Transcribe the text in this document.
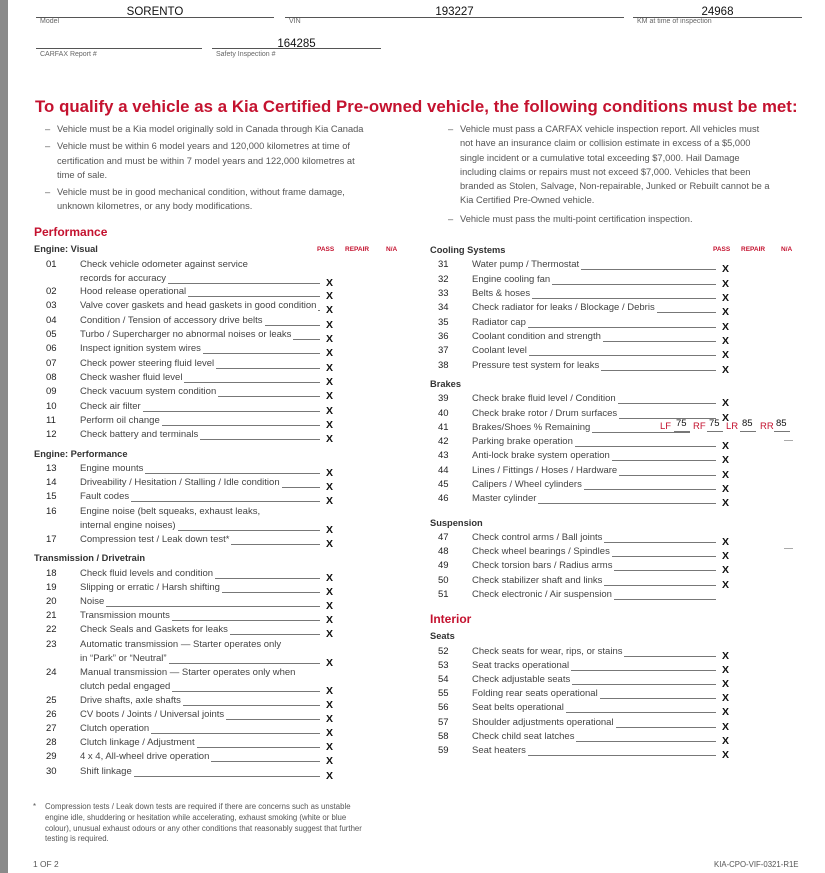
SORENTO
Model
193227
VIN
24968
KM at time of inspection
CARFAX Report #
164285
Safety Inspection #
To qualify a vehicle as a Kia Certified Pre-owned vehicle, the following conditions must be met:
– Vehicle must be a Kia model originally sold in Canada through Kia Canada
– Vehicle must be within 6 model years and 120,000 kilometres at time of
certification and must be within 7 model years and 122,000 kilometres at
time of sale.
– Vehicle must be in good mechanical condition, without frame damage,
unknown kilometres, or any body modifications.
– Vehicle must pass a CARFAX vehicle inspection report. All vehicles must
not have an insurance claim or collision estimate in excess of a $5,000
single incident or a cumulative total exceeding $7,000. Hail Damage
including claims or repairs must not exceed $7,000. Vehicles that been
branded as Stolen, Salvage, Non-repairable, Junked or Rebuilt cannot be a
Kia Certified Pre-Owned vehicle.
– Vehicle must pass the multi-point certification inspection.
Performance
Interior
Engine: Visual
Engine: Performance
Transmission / Drivetrain
Cooling Systems
Brakes
Suspension
Seats
PASS REPAIR	N/A	PASS REPAIR N/A
01	Check vehicle odometer against service
records for accuracy	X
02	Hood release operational	X
03	Valve cover gaskets and head gaskets in good condition X
04	Condition / Tension of accessory drive belts	X
05	Turbo / Supercharger no abnormal noises or leaks	X
06	Inspect ignition system wires	X
07	Check power steering fluid level	X
08	Check washer fluid level	X
09	Check vacuum system condition	X
10	Check air filter	X
11	Perform oil change	X
12	Check battery and terminals	X
13	Engine mounts	X
14	Driveability / Hesitation / Stalling / Idle condition	X
15	Fault codes	X
16	Engine noise (belt squeaks, exhaust leaks,
internal engine noises)	X
17	Compression test / Leak down test*	X
18	Check fluid levels and condition	X
19	Slipping or erratic / Harsh shifting	X
20	Noise	X
21	Transmission mounts	X
22	Check Seals and Gaskets for leaks	X
23	Automatic transmission — Starter operates only
in “Park” or “Neutral”	X
24	Manual transmission — Starter operates only when
clutch pedal engaged	X
25	Drive shafts, axle shafts	X
26	CV boots / Joints / Universal joints	X
27	Clutch operation	X
28	Clutch linkage / Adjustment	X
29	4 x 4, All-wheel drive operation	X
30	Shift linkage	X
31	Water pump / Thermostat	X
32	Engine cooling fan	X
33	Belts & hoses	X
34	Check radiator for leaks / Blockage / Debris	X
35	Radiator cap	X
36	Coolant condition and strength	X
37	Coolant level	X
38	Pressure test system for leaks	X
39	Check brake fluid level / Condition	X
40	Check brake rotor / Drum surfaces	X
41	Brakes/Shoes % Remaining
42	Parking brake operation	X
43	Anti-lock brake system operation	X
44	Lines / Fittings / Hoses / Hardware	X
45	Calipers / Wheel cylinders	X
46	Master cylinder	X
47	Check control arms / Ball joints	X
48	Check wheel bearings / Spindles	X
49	Check torsion bars / Radius arms	X
50	Check stabilizer shaft and links	X
51	Check electronic / Air suspension
52	Check seats for wear, rips, or stains	X
53	Seat tracks operational	X
54	Check adjustable seats	X
55	Folding rear seats operational	X
56	Seat belts operational	X
57	Shoulder adjustments operational	X
58	Check child seat latches	X
59	Seat heaters	X
LF 75 RF 75 LR 85 RR 85
* Compression tests / Leak down tests are required if there are concerns such as unstable
engine idle, shuddering or hesitation while accelerating, exhaust smoking (white or blue
colour), unusual exhaust odours or any other conditions that reasonably suggest that further
testing is required.
1 OF 2	KIA-CPO-VIF-0321-R1E
